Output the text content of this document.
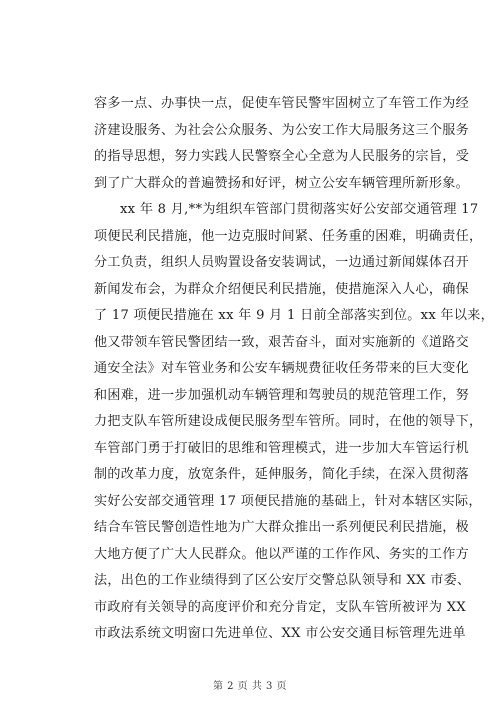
容多一点、办事快一点，促使车管民警牢固树立了车管工作为经
济建设服务、为社会公众服务、为公安工作大局服务这三个服务
的指导思想，努力实践人民警察全心全意为人民服务的宗旨，受
到了广大群众的普遍赞扬和好评，树立公安车辆管理所新形象。
xx 年 8 月,**为组织车管部门贯彻落实好公安部交通管理 17
项便民利民措施，他一边克服时间紧、任务重的困难，明确责任，
分工负责，组织人员购置设备安装调试，一边通过新闻媒体召开
新闻发布会，为群众介绍便民利民措施，使措施深入人心，确保
了 17 项便民措施在 xx 年 9 月 1 日前全部落实到位。xx 年以来，
他又带领车管民警团结一致，艰苦奋斗，面对实施新的《道路交
通安全法》对车管业务和公安车辆规费征收任务带来的巨大变化
和困难，进一步加强机动车辆管理和驾驶员的规范管理工作，努
力把支队车管所建设成便民服务型车管所。同时，在他的领导下，
车管部门勇于打破旧的思维和管理模式，进一步加大车管运行机
制的改革力度，放宽条件，延伸服务，简化手续，在深入贯彻落
实好公安部交通管理 17 项便民措施的基础上，针对本辖区实际，
结合车管民警创造性地为广大群众推出一系列便民利民措施，极
大地方便了广大人民群众。他以严谨的工作作风、务实的工作方
法，出色的工作业绩得到了区公安厅交警总队领导和 XX 市委、
市政府有关领导的高度评价和充分肯定，支队车管所被评为 XX
市政法系统文明窗口先进单位、XX 市公安交通目标管理先进单
第 2 页 共 3 页
